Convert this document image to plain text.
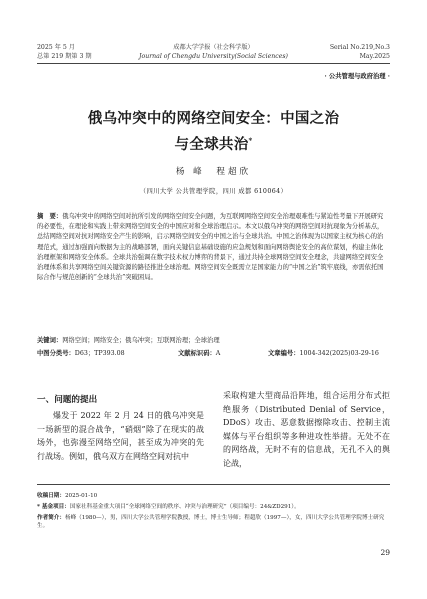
2025 年 5 月
总第 219 期第 3 期
成都大学学报（社会科学版）
Journal of Chengdu University(Social Sciences)
Serial No.219,No.3
May.2025
· 公共管理与政府治理 ·
俄乌冲突中的网络空间安全：中国之治
与全球共治*
杨 峰　程超欣
（四川大学 公共管理学院，四川 成都 610064）
摘　要：俄乌冲突中的网络空间对抗所引发的网络空间安全问题，为互联网网络空间安全治理艰难性与紧迫性考量下开展研究的必要性，在理论和实践上带来网络空间安全的中国应对和全球治理启示。本文以俄乌冲突的网络空间对抗现象为分析基点，总结网络空间对抗对网络安全产生的影响，启示网络空间安全的中国之治与全球共治。中国之治体现为以国家主权为核心的治理范式，通过加强面向数据为主的战略部署，面向关键信息基础设施的应急规划和面向网络舆论安全的高位谋划，构建主体化治理框架和网络安全体系。全球共治强调在数字技术权力博弈的背景下，通过共持全球网络空间安全理念，共建网络空间安全治理体系和共享网络空间关键资源的路径推进全球治理。网络空间安全既需立足国家能力的“中国之治”筑牢底线，亦需依托国际合作与规范创新的“全球共治”突破困局。
关键词：网络空间；网络安全；俄乌冲突；互联网治理；全球治理
中图分类号：D63；TP393.08	文献标识码：A	文章编号：1004-342(2025)03-29-16
一、问题的提出
爆发于 2022 年 2 月 24 日的俄乌冲突是一场新型的混合战争，“硝烟”除了在现实的战场外，也弥漫至网络空间，甚至成为冲突的先行战场。例如，俄乌双方在网络空间对抗中
采取构建大型商品沿阵地，组合运用分布式拒绝服务（Distributed Denial of Service，DDoS）攻击、恶意数据擦除攻击、控制主流媒体与平台组织等多种进攻性举措。无处不在的网络战，无时不有的信息战，无孔不入的舆论战，
收稿日期：2025-01-10
* 基金项目：国家社科基金重大项目“全球网络空间的秩序、冲突与治理研究”（项目编号：24&ZD291）。
作者简介：杨峰（1980—），男，四川大学公共管理学院教授，博士，博士生导师；程超欣（1997—），女，四川大学公共管理学院博士研究生。
29
